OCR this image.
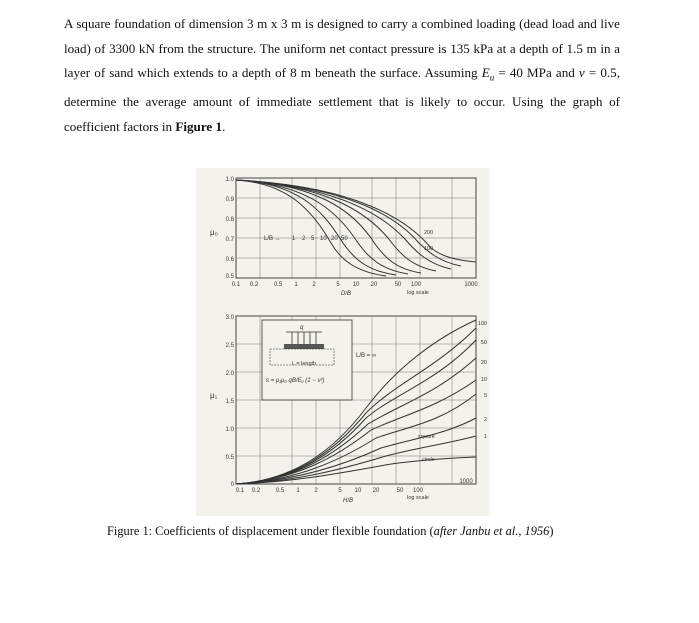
A square foundation of dimension 3 m x 3 m is designed to carry a combined loading (dead load and live load) of 3300 kN from the structure. The uniform net contact pressure is 135 kPa at a depth of 1.5 m in a layer of sand which extends to a depth of 8 m beneath the surface. Assuming $E_u = 40$ MPa and v = 0.5, determine the average amount of immediate settlement that is likely to occur. Using the graph of coefficient factors in Figure 1.

μ₀
1.0
0.9
0.8
0.7
0.6
0.5
0.1 0.2	0.5 1 2	5 10 20	50 100	1000
D/B	log scale
L/B → 1 2 5 10 20 50
200
100
μ₁
3.0
2.5
2.0
1.5
1.0
0.5
0
0.1 0.2	0.5 1 2	5 10 20	50 100
1000
H/B	log scale
100
50
20
10
5
2
1
L/B = ∞
square
circle
q
L = length
s = μ₁μ₀ qB/Eᵤ (1 − ν²)
Figure 1: Coefficients of displacement under flexible foundation (after Janbu et al., 1956)
